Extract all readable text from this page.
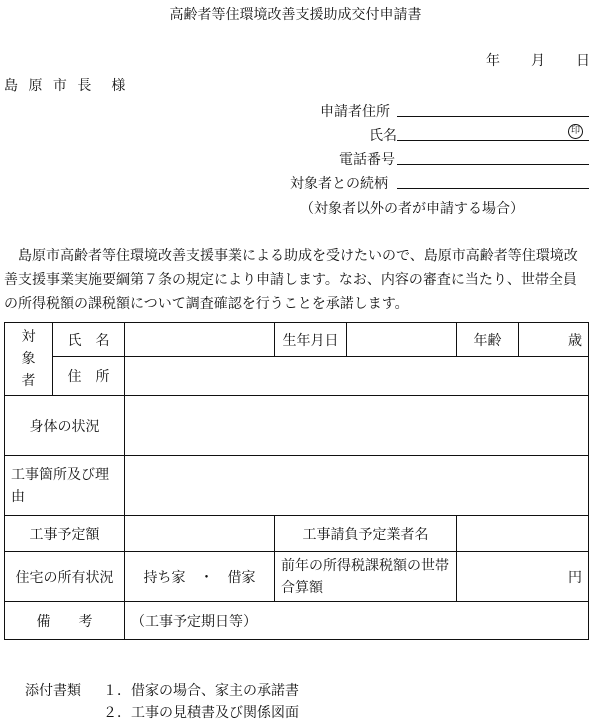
高齢者等住環境改善支援助成交付申請書
年 月 日
島 原 市 長　様
申請者住所
氏名	印
電話番号
対象者との続柄
（対象者以外の者が申請する場合）
島原市高齢者等住環境改善支援事業による助成を受けたいので、島原市高齢者等住環境改善支援事業実施要綱第７条の規定により申請します。なお、内容の審査に当たり、世帯全員の所得税額の課税額について調査確認を行うことを承諾します。
対
象
者	氏　名		生年月日		年齢	歳
	住　所					
身体の状況						
工事箇所及び理由						
工事予定額			工事請負予定業者名			
住宅の所有状況		持ち家　・　借家	前年の所得税課税額の世帯合算額		円	
備　　考		（工事予定期日等）				
添付書類 １．借家の場合、家主の承諾書
２．工事の見積書及び関係図面
